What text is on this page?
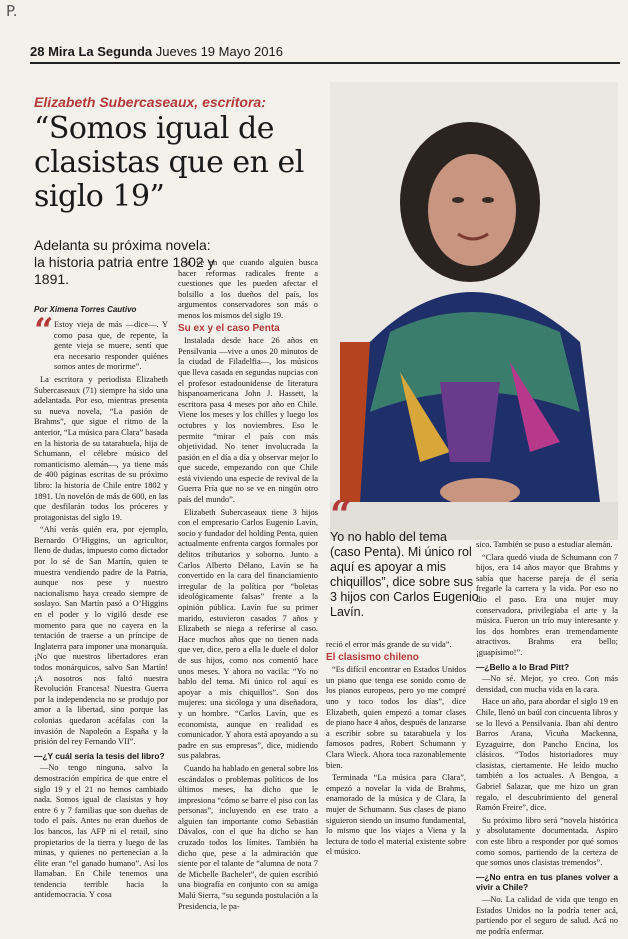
P.
28 Mira La Segunda Jueves 19 Mayo 2016
Elizabeth Subercaseaux, escritora:
“Somos igual de clasistas que en el siglo 19”
Adelanta su próxima novela: la historia patria entre 1802 y 1891.
Por Ximena Torres Cautivo
“ Estoy vieja de más —dice—. Y como pasa que, de repente, la gente vieja se muere, sentí que era necesario responder quiénes somos antes de morirme”.

La escritora y periodista Elizabeth Subercaseaux (71) siempre ha sido una adelantada. Por eso, mientras presenta su nueva novela, “La pasión de Brahms”, que sigue el ritmo de la anterior, “La música para Clara” basada en la historia de su tatarabuela, hija de Schumann, el célebre músico del romanticismo alemán—, ya tiene más de 400 páginas escritas de su próximo libro: la historia de Chile entre 1802 y 1891. Un novelón de más de 600, en las que desfilarán todos los próceres y protagonistas del siglo 19.

“Ahí verás quién era, por ejemplo, Bernardo O’Higgins, un agricultor, lleno de dudas, impuesto como dictador por lo sé de San Martín, quien te muestra vendiendo padre de la Patria, aunque nos pese y nuestro nacionalismo haya creado siempre de soslayo. San Martín pasó a O’Higgins en el poder y lo vigiló desde ese momento para que no cayera en la tentación de traerse a un príncipe de Inglaterra para imponer una monarquía. ¡No que nuestros libertadores eran todos monárquicos, salvo San Martín! ¡A nosotros nos faltó nuestra Revolución Francesa! Nuestra Guerra por la independencia no se produjo por amor a la libertad, sino porque las colonias quedaron acéfalas con la invasión de Napoleón a España y la prisión del rey Fernando VII”.

—¿Y cuál sería la tesis del libro?

—No tengo ninguna, salvo la demostración empírica de que entre el siglo 19 y el 21 no hemos cambiado nada. Somos igual de clasistas y hoy entre 6 y 7 familias que son dueñas de todo el país. Antes no eran dueños de los bancos, las AFP ni el retail, sino propietarios de la tierra y luego de las minas, y quienes no pertenecían a la élite eran “el ganado humano”. Así los llamaban. En Chile tenemos una tendencia terrible hacia la antidemocracia. Y cosa

se ve en que cuando alguien busca hacer reformas radicales frente a cuestiones que les pueden afectar el bolsillo a los dueños del país, los argumentos conservadores son más o menos los mismos del siglo 19.

Su ex y el caso Penta

Instalada desde hace 26 años en Pensilvania —vive a unos 20 minutos de la ciudad de Filadelfia—, los músicos que lleva casada en segundas nupcias con el profesor estadounidense de literatura hispanoamericana John J. Hassett, la escritora pasa 4 meses por año en Chile. Viene los meses y los chilles y luego los octubres y los noviembres. Eso le permite “mirar el país con más objetividad. No tener involucrada la pasión en el día a día y observar mejor lo que sucede, empezando con que Chile está viviendo una especie de revival de la Guerra Fría que no se ve en ningún otro país del mundo”.

Elizabeth Subercaseaux tiene 3 hijos con el empresario Carlos Eugenio Lavín, socio y fundador del holding Penta, quien actualmente enfrenta cargos formales por delitos tributarios y soborno. Junto a Carlos Alberto Délano, Lavín se ha convertido en la cara del financiamiento irregular de la política por “boletas ideológicamente falsas” frente a la opinión pública. Lavín fue su primer marido, estuvieron casados 7 años y Elizabeth se niega a referirse al caso. Hace muchos años que no tienen nada que ver, dice, pero a ella le duele el dolor de sus hijos, como nos comentó hace unos meses. Y ahora no vacila: “Yo no hablo del tema. Mi único rol aquí es apoyar a mis chiquillos”. Son dos mujeres: una sicóloga y una diseñadora, y un hombre. “Carlos Lavín, que es economista, aunque en realidad es comunicador. Y ahora está apoyando a su padre en sus empresas”, dice, midiendo sus palabras.

Cuando ha hablado en general sobre los escándalos o problemas políticos de los últimos meses, ha dicho que le impresiona “cómo se barre el piso con las personas”, incluyendo en ese trato a alguien tan importante como Sebastián Dávalos, con el que ha dicho se han cruzado todos los límites. También ha dicho que, pese a la admiración que siente por el talante de “alumna de nota 7 de Michelle Bachelet”, de quien escribió una biografía en conjunto con su amiga Malú Sierra, “su segunda postulación a la Presidencia, le pa-

“
Yo no hablo del tema (caso Penta). Mi único rol aquí es apoyar a mis chiquillos”, dice sobre sus 3 hijos con Carlos Eugenio Lavín.

reció el error más grande de su vida”.

El clasismo chileno

“Es difícil encontrar en Estados Unidos un piano que tenga ese sonido como de los pianos europeos, pero yo me compré uno y toco todos los días”, dice Elizabeth, quien empezó a tomar clases de piano hace 4 años, después de lanzarse a escribir sobre su tatarabuela y los famosos padres, Robert Schumann y Clara Wieck. Ahora toca razonablemente bien.

Terminada “La música para Clara”, empezó a novelar la vida de Brahms, enamorado de la música y de Clara, la mujer de Schumann. Sus clases de piano siguieron siendo un insumo fundamental, lo mismo que los viajes a Viena y la lectura de todo el material existente sobre el músico.

sico. También se puso a estudiar alemán.

“Clara quedó viuda de Schumann con 7 hijos, era 14 años mayor que Brahms y sabía que hacerse pareja de él sería fregarle la carrera y la vida. Por eso no dio el paso. Era una mujer muy conservadora, privilegiaba el arte y la música. Fueron un trío muy interesante y los dos hombres eran tremendamente atractivos. Brahms era bello; ¡guapísimo!”.

—¿Bello a lo Brad Pitt?

—No sé. Mejor, yo creo. Con más densidad, con mucha vida en la cara.

Hace un año, para abordar el siglo 19 en Chile, llenó un baúl con cincuenta libros y se lo llevó a Pensilvania. Iban ahí dentro Barros Arana, Vicuña Mackenna, Eyzaguirre, don Pancho Encina, los clásicos. “Todos historiadores muy clasistas, ciertamente. He leído mucho también a los actuales. A Bengoa, a Gabriel Salazar, que me hizo un gran regalo, el descubrimiento del general Ramón Freire”, dice.

Su próximo libro será “novela histórica y absolutamente documentada. Aspiro con este libro a responder por qué somos como somos, partiendo de la certeza de que somos unos clasistas tremendos”.

—¿No entra en tus planes volver a vivir a Chile?

—No. La calidad de vida que tengo en Estados Unidos no la podría tener acá, partiendo por el seguro de salud. Acá no me podría enfermar.
